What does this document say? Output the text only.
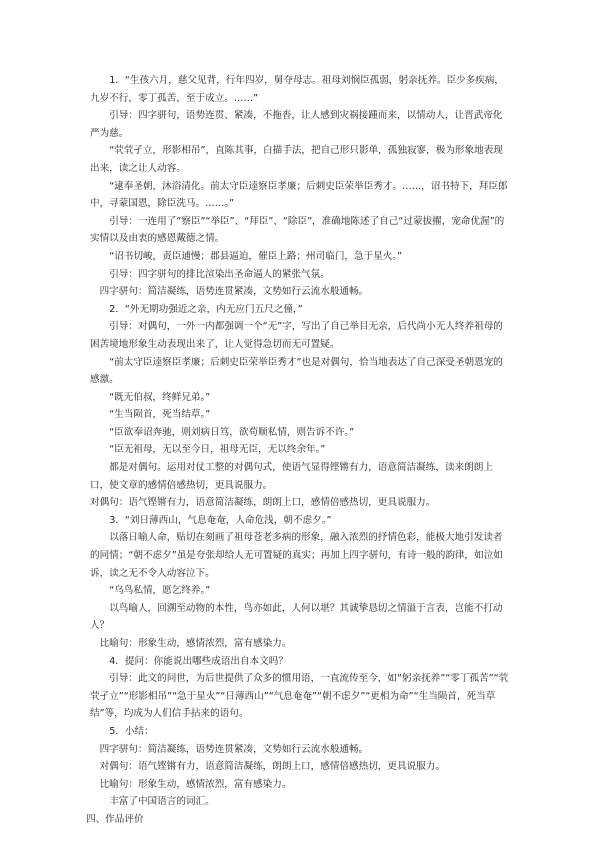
1．“生孩六月，慈父见背，行年四岁，舅夺母志。祖母刘悯臣孤弱，躬亲抚养。臣少多疾病，九岁不行，零丁孤苦，至于成立。……”

引导：四字骈句，语势连贯、紧凑，不拖沓，让人感到灾祸接踵而来，以情动人，让晋武帝化严为慈。

“茕茕孑立，形影相吊”，直陈其事，白描手法，把自己形只影单，孤独寂寥，极为形象地表现出来，读之让人动容。

“逮奉圣朝，沐浴清化。前太守臣逵察臣孝廉；后刺史臣荣举臣秀才。……，诏书特下，拜臣郎中，寻蒙国恩，除臣洗马。……。”

引导：一连用了“察臣”“举臣”、“拜臣”、“除臣”，准确地陈述了自己“过蒙拔擢，宠命优渥”的实情以及由衷的感恩戴德之情。

“诏书切峻，责臣逋慢；郡县逼迫，催臣上路；州司临门，急于星火。”

引导：四字骈句的排比渲染出圣命逼人的紧张气氛。

四字骈句：简洁凝练，语势连贯紧凑，文势如行云流水般通畅。

2．“外无期功强近之亲，内无应门五尺之僮，”

引导：对偶句，一外一内都强调一个“无”字，写出了自己举目无亲，后代尚小无人终养祖母的困苦境地形象生动表现出来了，让人觉得急切而无可置疑。

“前太守臣逵察臣孝廉；后刺史臣荣举臣秀才”也是对偶句，恰当地表达了自己深受圣朝恩宠的感激。

“既无伯叔，终鲜兄弟。”

“生当陨首，死当结草。”

“臣欲奉诏奔驰，则刘病日笃，欲苟顺私情，则告诉不许。”

“臣无祖母，无以至今日，祖母无臣，无以终余年。”

都是对偶句。运用对仗工整的对偶句式，使语气显得铿锵有力，语意简洁凝练，读来朗朗上口，使文章的感情倍感热切，更具说服力。

对偶句：语气铿锵有力，语意简洁凝练，朗朗上口，感情倍感热切，更具说服力。

3．“刘日薄西山，气息奄奄，人命危浅，朝不虑夕。”

以落日喻人命，贴切在刻画了祖母苍老多病的形象，融入浓烈的抒情色彩，能极大地引发读者的同情；“朝不虑夕”虽是夸张却给人无可置疑的真实；再加上四字骈句，有诗一般的韵律，如泣如诉，读之无不令人动容泣下。

“乌鸟私情，愿乞终养。”

以鸟喻人，回溯至动物的本性，鸟亦如此，人何以堪？其诚挚恳切之情溢于言表，岂能不打动人？

比喻句：形象生动，感情浓烈，富有感染力。

4．提问：你能说出哪些成语出自本文吗？

引导：此文的问世，为后世提供了众多的惯用语，一直流传至今，如“躬亲抚养”“零丁孤苦”“茕茕孑立”“形影相吊”“急于星火”“日薄西山”“气息奄奄”“朝不虑夕”“更相为命”“生当陨首，死当草结”等，均成为人们信手拈来的语句。

5．小结：

四字骈句：简洁凝练，语势连贯紧凑，文势如行云流水般通畅。

对偶句：语气铿锵有力，语意简洁凝练，朗朗上口，感情倍感热切，更具说服力。

比喻句：形象生动，感情浓烈，富有感染力。

丰富了中国语言的词汇。

四、作品评价
